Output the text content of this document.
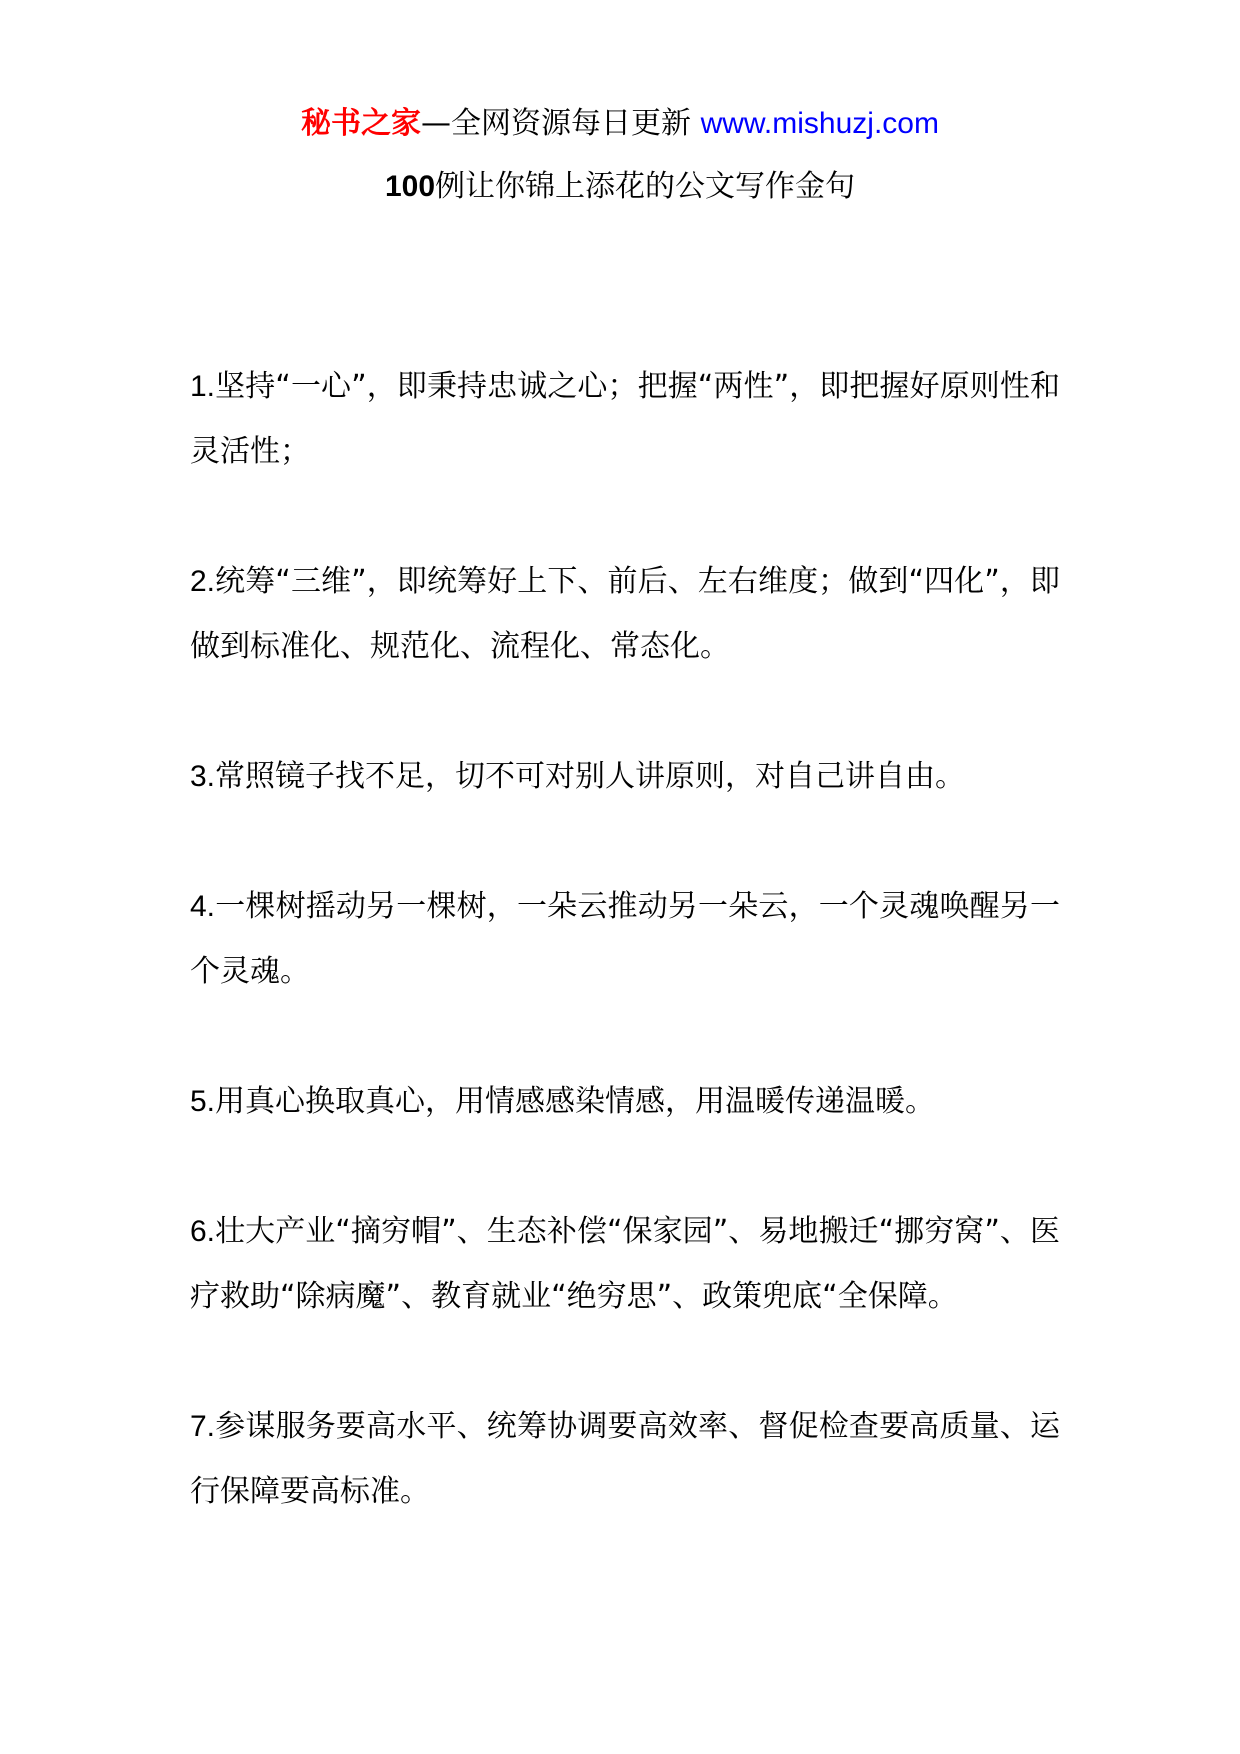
秘书之家—全网资源每日更新 www.mishuzj.com
100例让你锦上添花的公文写作金句

1.坚持“一心”，即秉持忠诚之心；把握“两性”，即把握好原则性和灵活性；

2.统筹“三维”，即统筹好上下、前后、左右维度；做到“四化”，即做到标准化、规范化、流程化、常态化。

3.常照镜子找不足，切不可对别人讲原则，对自己讲自由。

4.一棵树摇动另一棵树，一朵云推动另一朵云，一个灵魂唤醒另一个灵魂。

5.用真心换取真心，用情感感染情感，用温暖传递温暖。

6.壮大产业“摘穷帽”、生态补偿“保家园”、易地搬迁“挪穷窝”、医疗救助“除病魔”、教育就业“绝穷思”、政策兜底“全保障。

7.参谋服务要高水平、统筹协调要高效率、督促检查要高质量、运行保障要高标准。
